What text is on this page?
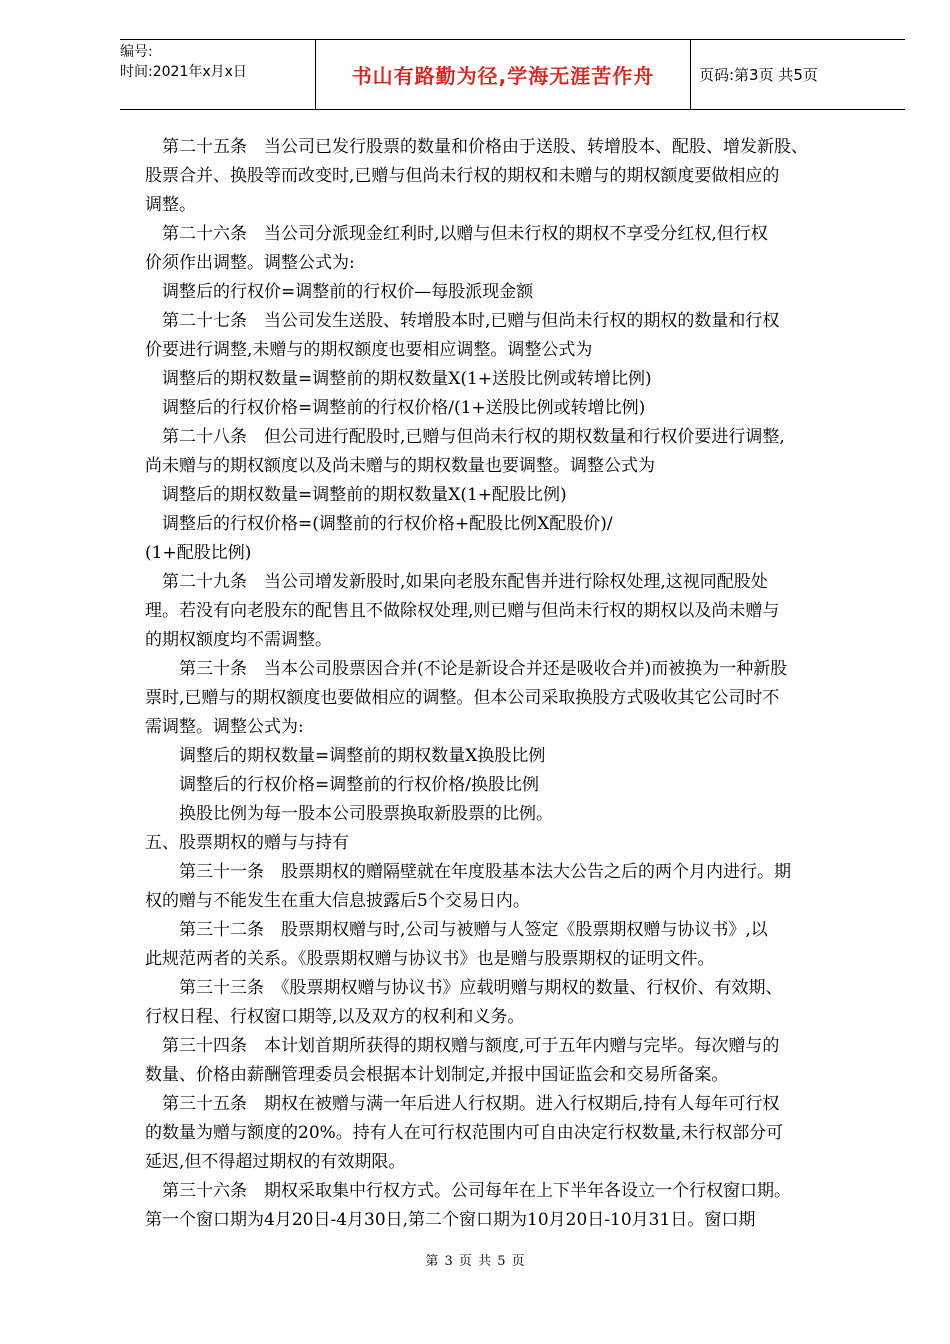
编号:
时间:2021年x月x日	书山有路勤为径,学海无涯苦作舟	页码:第3页 共5页
　第二十五条　当公司已发行股票的数量和价格由于送股、转增股本、配股、增发新股、
股票合并、换股等而改变时,已赠与但尚未行权的期权和未赠与的期权额度要做相应的
调整。
　第二十六条　当公司分派现金红利时,以赠与但未行权的期权不享受分红权,但行权
价须作出调整。调整公式为:
　调整后的行权价=调整前的行权价—每股派现金额
　第二十七条　当公司发生送股、转增股本时,已赠与但尚未行权的期权的数量和行权
价要进行调整,未赠与的期权额度也要相应调整。调整公式为
　调整后的期权数量=调整前的期权数量X(1+送股比例或转增比例)
　调整后的行权价格=调整前的行权价格/(1+送股比例或转增比例)
　第二十八条　但公司进行配股时,已赠与但尚未行权的期权数量和行权价要进行调整,
尚未赠与的期权额度以及尚未赠与的期权数量也要调整。调整公式为
　调整后的期权数量=调整前的期权数量X(1+配股比例)
　调整后的行权价格=(调整前的行权价格+配股比例X配股价)/
(1+配股比例)
　第二十九条　当公司增发新股时,如果向老股东配售并进行除权处理,这视同配股处
理。若没有向老股东的配售且不做除权处理,则已赠与但尚未行权的期权以及尚未赠与
的期权额度均不需调整。
　　第三十条　当本公司股票因合并(不论是新设合并还是吸收合并)而被换为一种新股
票时,已赠与的期权额度也要做相应的调整。但本公司采取换股方式吸收其它公司时不
需调整。调整公式为:
　　调整后的期权数量=调整前的期权数量X换股比例
　　调整后的行权价格=调整前的行权价格/换股比例
　　换股比例为每一股本公司股票换取新股票的比例。
五、股票期权的赠与与持有
　　第三十一条　股票期权的赠隔壁就在年度股基本法大公告之后的两个月内进行。期
权的赠与不能发生在重大信息披露后5个交易日内。
　　第三十二条　股票期权赠与时,公司与被赠与人签定《股票期权赠与协议书》,以
此规范两者的关系。《股票期权赠与协议书》也是赠与股票期权的证明文件。
　　第三十三条　《股票期权赠与协议书》应载明赠与期权的数量、行权价、有效期、
行权日程、行权窗口期等,以及双方的权利和义务。
　第三十四条　本计划首期所获得的期权赠与额度,可于五年内赠与完毕。每次赠与的
数量、价格由薪酬管理委员会根据本计划制定,并报中国证监会和交易所备案。
　第三十五条　期权在被赠与满一年后进人行权期。进入行权期后,持有人每年可行权
的数量为赠与额度的20%。持有人在可行权范围内可自由决定行权数量,未行权部分可
延迟,但不得超过期权的有效期限。
　第三十六条　期权采取集中行权方式。公司每年在上下半年各设立一个行权窗口期。
第一个窗口期为4月20日-4月30日,第二个窗口期为10月20日-10月31日。窗口期
第 3 页 共 5 页
